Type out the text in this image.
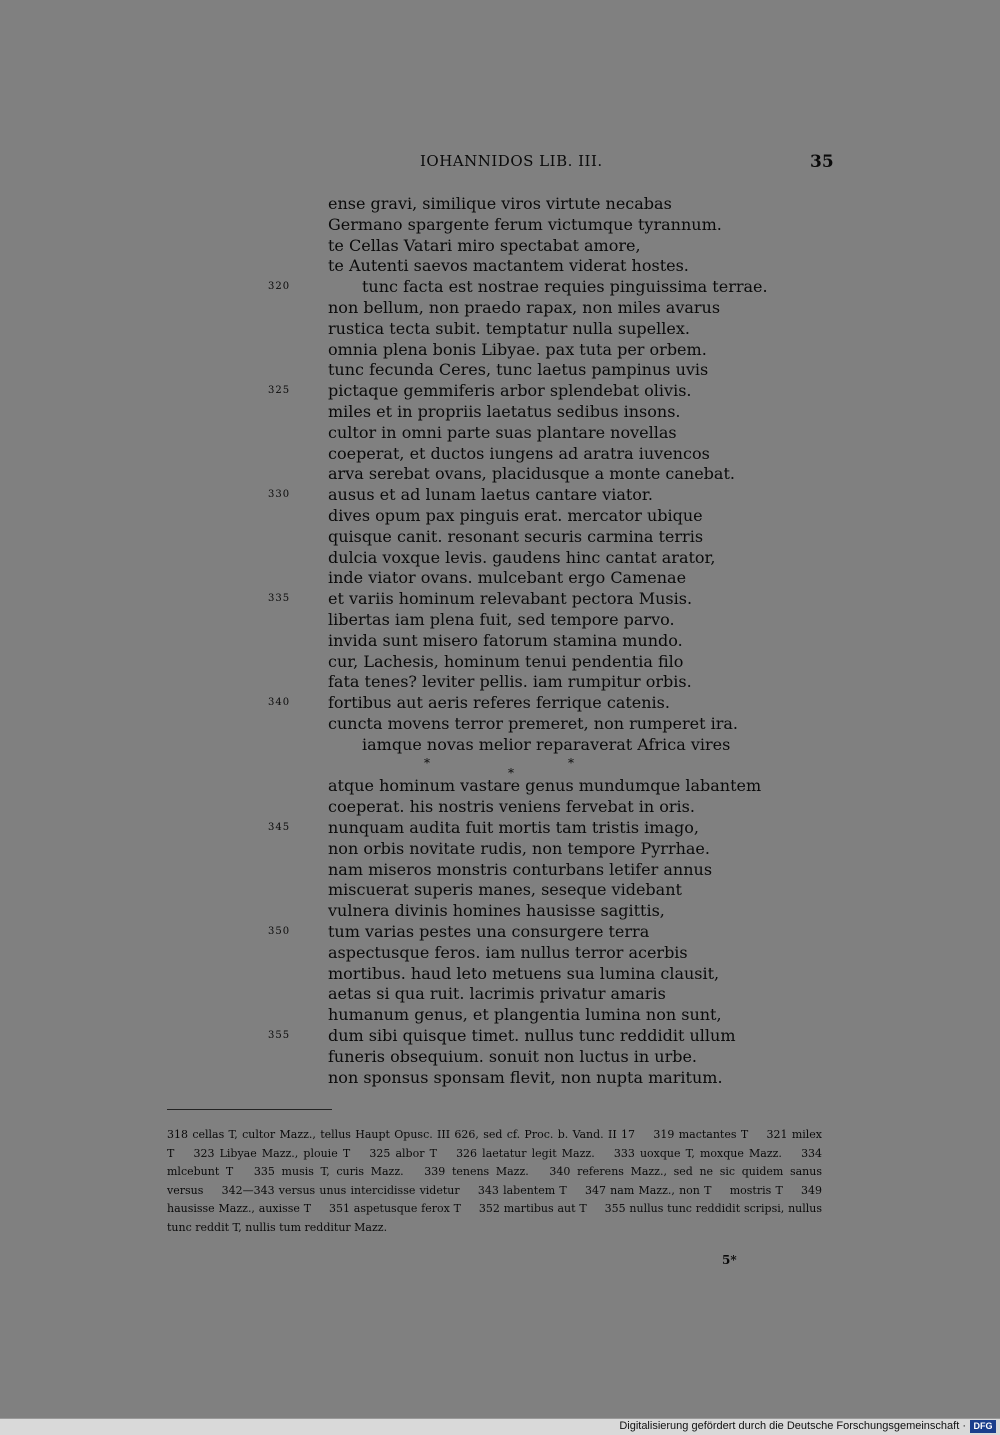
IOHANNIDOS LIB. III.	35
ense gravi, similique viros virtute necabas
Germano spargente ferum victumque tyrannum.
te Cellas Vatari miro spectabat amore,
te Autenti saevos mactantem viderat hostes.
tunc facta est nostrae requies pinguissima terrae.
320
non bellum, non praedo rapax, non miles avarus
rustica tecta subit. temptatur nulla supellex.
omnia plena bonis Libyae. pax tuta per orbem.
tunc fecunda Ceres, tunc laetus pampinus uvis
pictaque gemmiferis arbor splendebat olivis.
325
miles et in propriis laetatus sedibus insons.
cultor in omni parte suas plantare novellas
coeperat, et ductos iungens ad aratra iuvencos
arva serebat ovans, placidusque a monte canebat.
ausus et ad lunam laetus cantare viator.
330
dives opum pax pinguis erat. mercator ubique
quisque canit. resonant securis carmina terris
dulcia voxque levis. gaudens hinc cantat arator,
inde viator ovans. mulcebant ergo Camenae
et variis hominum relevabant pectora Musis.
335
libertas iam plena fuit, sed tempore parvo.
invida sunt misero fatorum stamina mundo.
cur, Lachesis, hominum tenui pendentia filo
fata tenes? leviter pellis. iam rumpitur orbis.
fortibus aut aeris referes ferrique catenis.
340
cuncta movens terror premeret, non rumperet ira.
iamque novas melior reparaverat Africa vires
atque hominum vastare genus mundumque labantem
coeperat. his nostris veniens fervebat in oris.
nunquam audita fuit mortis tam tristis imago,
345
non orbis novitate rudis, non tempore Pyrrhae.
nam miseros monstris conturbans letifer annus
miscuerat superis manes, seseque videbant
vulnera divinis homines hausisse sagittis,
tum varias pestes una consurgere terra
350
aspectusque feros. iam nullus terror acerbis
mortibus. haud leto metuens sua lumina clausit,
aetas si qua ruit. lacrimis privatur amaris
humanum genus, et plangentia lumina non sunt,
dum sibi quisque timet. nullus tunc reddidit ullum
355
funeris obsequium. sonuit non luctus in urbe.
non sponsus sponsam flevit, non nupta maritum.
*
*
*
318 cellas T, cultor Mazz., tellus Haupt Opusc. III 626, sed cf. Proc. b. Vand. II 17 319 mactantes T 321 milex T 323 Libyae Mazz., plouie T 325 albor T 326 laetatur legit Mazz. 333 uoxque T, moxque Mazz. 334 mlcebunt T 335 musis T, curis Mazz. 339 tenens Mazz. 340 referens Mazz., sed ne sic quidem sanus versus 342—343 versus unus intercidisse videtur 343 labentem T 347 nam Mazz., non T mostris T 349 hausisse Mazz., auxisse T 351 aspetusque ferox T 352 martibus aut T 355 nullus tunc reddidit scripsi, nullus tunc reddit T, nullis tum redditur Mazz.
5*
Digitalisierung gefördert durch die Deutsche Forschungsgemeinschaft · DFG
